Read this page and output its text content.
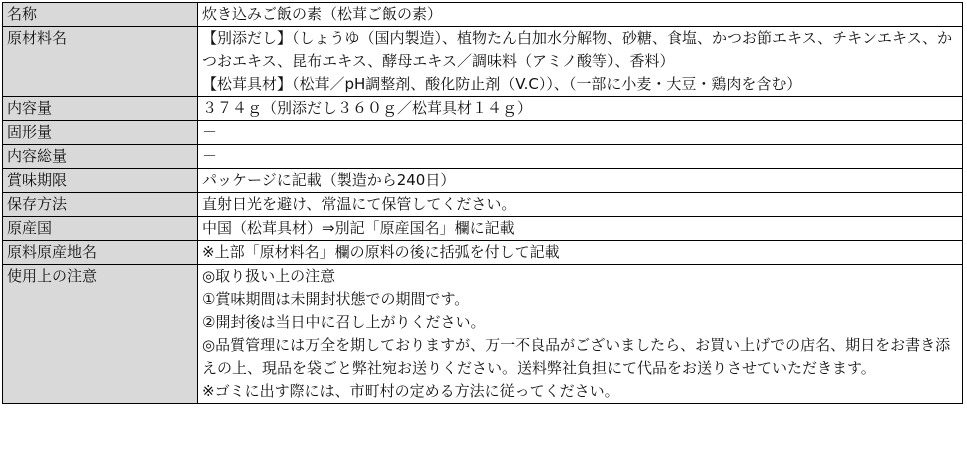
名称	炊き込みご飯の素（松茸ご飯の素）

原材料名	【別添だし】（しょうゆ（国内製造）、植物たん白加水分解物、砂糖、食塩、かつお節エキス、チキンエキス、かつおエキス、昆布エキス、酵母エキス／調味料（アミノ酸等）、香料）
【松茸具材】（松茸／pH調整剤、酸化防止剤（V.C））、（一部に小麦・大豆・鶏肉を含む）

内容量	３７４ｇ（別添だし３６０ｇ／松茸具材１４ｇ）

固形量	－

内容総量	－

賞味期限	パッケージに記載（製造から240日）

保存方法	直射日光を避け、常温にて保管してください。

原産国	中国（松茸具材）⇒別記「原産国名」欄に記載

原料原産地名	※上部「原材料名」欄の原料の後に括弧を付して記載

使用上の注意	◎取り扱い上の注意
①賞味期間は未開封状態での期間です。
②開封後は当日中に召し上がりください。
◎品質管理には万全を期しておりますが、万一不良品がございましたら、お買い上げでの店名、期日をお書き添えの上、現品を袋ごと弊社宛お送りください。送料弊社負担にて代品をお送りさせていただきます。
※ゴミに出す際には、市町村の定める方法に従ってください。
